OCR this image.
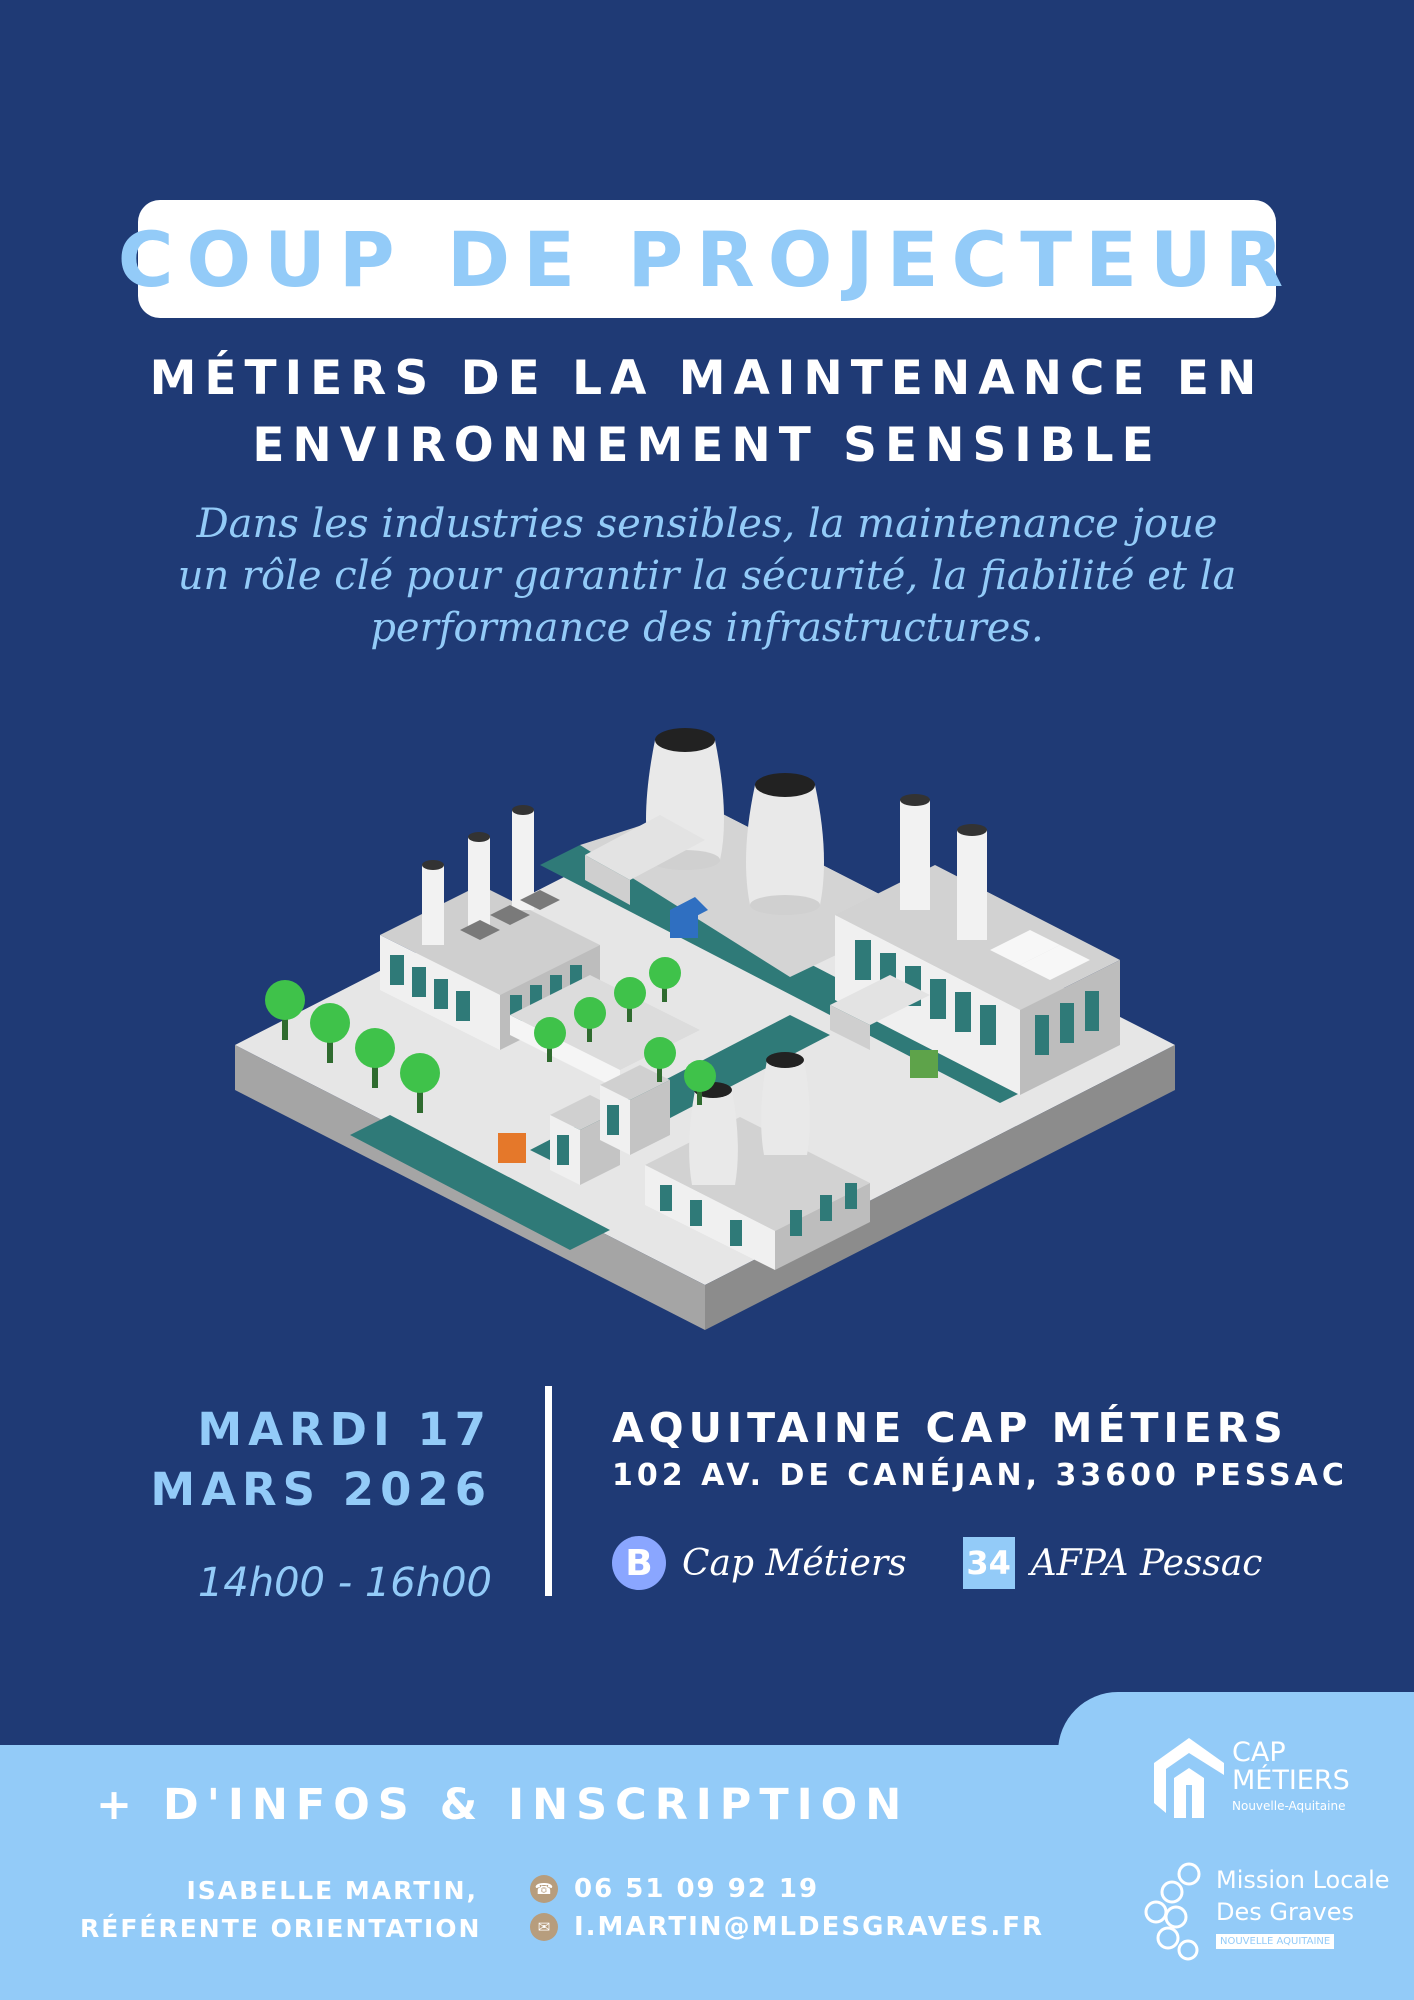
COUP DE PROJECTEUR
MÉTIERS DE LA MAINTENANCE EN
ENVIRONNEMENT SENSIBLE
Dans les industries sensibles, la maintenance joue
un rôle clé pour garantir la sécurité, la fiabilité et la
performance des infrastructures.
MARDI 17
MARS 2026
14h00 - 16h00
AQUITAINE CAP MÉTIERS
102 AV. DE CANÉJAN, 33600 PESSAC
B Cap Métiers 34 AFPA Pessac
+ D'INFOS & INSCRIPTION
ISABELLE MARTIN,
RÉFÉRENTE ORIENTATION
☎ 06 51 09 92 19
✉ I.MARTIN@MLDESGRAVES.FR
CAP
MÉTIERS
Nouvelle-Aquitaine
Mission Locale
Des Graves
NOUVELLE AQUITAINE
